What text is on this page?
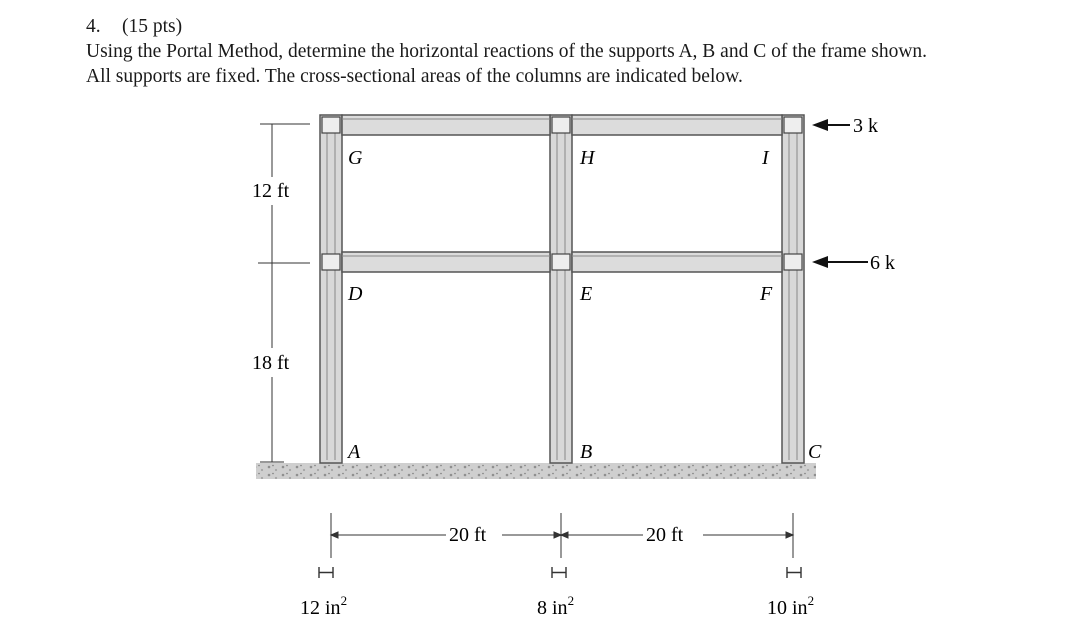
4. (15 pts)

Using the Portal Method, determine the horizontal reactions of the supports A, B and C of the frame shown.

All supports are fixed. The cross-sectional areas of the columns are indicated below.

G	H	I
D	E	F
A	B	C
12 ft
18 ft
20 ft	20 ft
3 k
6 k
12 $in^2$	8 $in^2$	10 $in^2$
